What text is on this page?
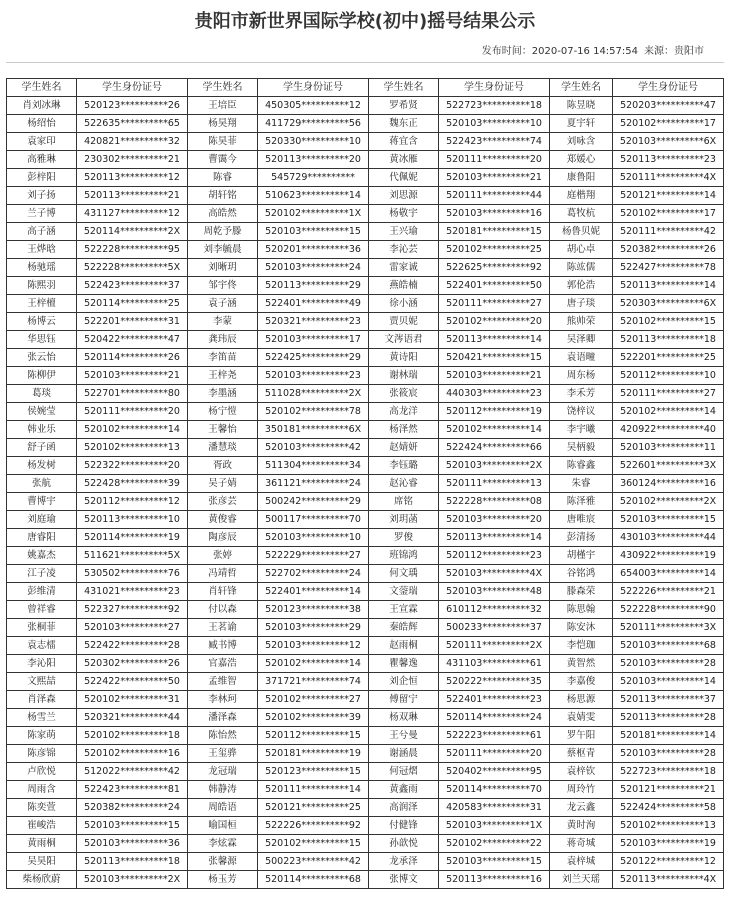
贵阳市新世界国际学校(初中)摇号结果公示
发布时间：2020-07-16 14:57:54 来源：贵阳市
学生姓名	学生身份证号	学生姓名	学生身份证号	学生姓名	学生身份证号	学生姓名	学生身份证号
肖刘冰琳	520123**********26	王培臣	450305**********12	罗希贤	522723**********18	陈昱晓	520203**********47
杨绍怡	522635**********65	杨昊翔	411729**********56	魏东正	520103**********10	夏宇轩	520102**********17
袁家印	420821**********32	陈昊菲	520330**********10	蒋宜含	522423**********74	刘咏含	520103**********6X
高雅琳	230302**********21	曹霭今	520113**********20	黄冰雁	520111**********20	郑媛心	520113**********23
彭梓阳	520113**********12	陈睿	545729**********	代佩妮	520103**********21	康鲁阳	520111**********4X
刘子扬	520113**********21	胡轩铭	510623**********14	刘思源	520111**********44	庭楷翔	520121**********14
兰子博	431127**********12	高皓然	520102**********1X	杨敬宇	520103**********16	葛牧杭	520102**********17
高子涵	520114**********2X	周乾予滕	520103**********15	王兴瑜	520181**********15	杨鲁贝妮	520111**********42
王烨晗	522228**********95	刘李毓晨	520201**********36	李沁芸	520102**********25	胡心卓	520382**********26
杨驰瑶	522228**********5X	刘晰玥	520103**********24	雷家诚	522625**********92	陈竑儒	522427**********78
陈熙羽	522423**********37	邹宇佟	520113**********29	燕皓楠	522401**********50	郭伦浩	520113**********14
王梓檀	520114**********25	袁子涵	522401**********49	徐小涵	520111**********27	唐子琰	520303**********6X
杨博云	522201**********31	李蒙	520321**********23	贾贝妮	520102**********20	熊帅荣	520102**********15
华思钰	520422**********47	龚玮辰	520103**********17	文涔语君	520113**********14	吴泽卿	520113**********18
张云怡	520114**********26	李笛苗	522425**********29	黄诗阳	520421**********15	袁语疃	522201**********25
陈柳伊	520103**********21	王梓尧	520103**********23	谢林瑞	520103**********21	周东杨	520112**********10
葛琰	522701**********80	李墨涵	511028**********2X	张筱宸	440303**********23	李禾芳	520111**********27
侯婉莹	520111**********20	杨宁愷	520102**********78	高龙洋	520112**********19	饶梓议	520102**********14
韩业乐	520102**********14	王馨怡	350181**********6X	杨泽然	520102**********14	李宇曦	420922**********40
舒子函	520102**********13	潘慧琰	520103**********42	赵婧妍	522424**********66	吴柄毅	520103**********11
杨发树	522322**********20	胥政	511304**********34	李钰璐	520103**********2X	陈睿鑫	522601**********3X
张航	522428**********39	吴子婧	361121**********24	赵沁睿	520111**********13	朱睿	360124**********16
曹博宇	520112**********12	张彦芸	500242**********29	席铭	522228**********08	陈泽雅	520102**********2X
刘庭瑜	520113**********10	黄俊睿	500117**********70	刘玥菡	520103**********20	唐唯宸	520103**********15
唐睿阳	520114**********19	陶彦辰	520103**********10	罗俊	520113**********14	彭清扬	430103**********44
姚嘉杰	511621**********5X	张婷	522229**********27	班锦鸿	520112**********23	胡槿宇	430922**********19
江子凌	530502**********76	冯靖哲	522702**********24	何文瑀	520103**********4X	谷铭鸿	654003**********14
彭维清	431021**********23	肖轩锋	522401**********14	文蓥瑞	520103**********48	滕森荣	522226**********21
曾祥睿	522327**********92	付以森	520123**********38	王宣霖	610112**********32	陈思翰	522228**********90
张桐菲	520103**********27	王茗谕	520103**********29	秦皓辉	500233**********37	陈安沐	520111**********3X
袁志檑	522422**********28	臧书博	520103**********12	赵雨桐	520111**********2X	李恺珈	520103**********68
李沁阳	520302**********26	官嘉浩	520102**********14	瞿馨逸	431103**********61	黄智然	520103**********28
文熙喆	522422**********50	孟维智	371721**********74	刘企恒	520222**********35	李嘉俊	520103**********14
肖泽森	520102**********31	李林珂	520102**********27	傅留宁	522401**********23	杨思源	520113**********37
杨雪兰	520321**********44	潘泽森	520102**********39	杨双琳	520114**********24	袁婧雯	520113**********28
陈家萌	520102**********18	陈怡然	520112**********15	王兮曼	522223**********61	罗午阳	520181**********14
陈彦锦	520102**********16	王玺骅	520181**********19	谢涵晨	520111**********20	蔡枢青	520103**********28
卢欣悦	512022**********42	龙冠瑞	520123**********15	何冠熠	520402**********95	袁梓钦	522723**********18
周雨含	522423**********81	韩静涛	520111**********14	黄鑫雨	520114**********70	周玲竹	520121**********21
陈奕萱	520382**********24	周皓语	520121**********25	高润泽	420583**********31	龙云鑫	522424**********58
崔峻浩	520103**********15	喻国桓	522226**********92	付健锋	520103**********1X	黄时洵	520102**********13
黄雨桐	520103**********36	李炫霖	520102**********15	孙歆悦	520102**********22	蒋奇城	520103**********19
吴昊阳	520113**********18	张馨源	500223**********42	龙承泽	520103**********15	袁梓城	520122**********12
柴杨欣蔚	520103**********2X	杨玉芳	520114**********68	张博文	520113**********16	刘兰天瑶	520113**********4X
